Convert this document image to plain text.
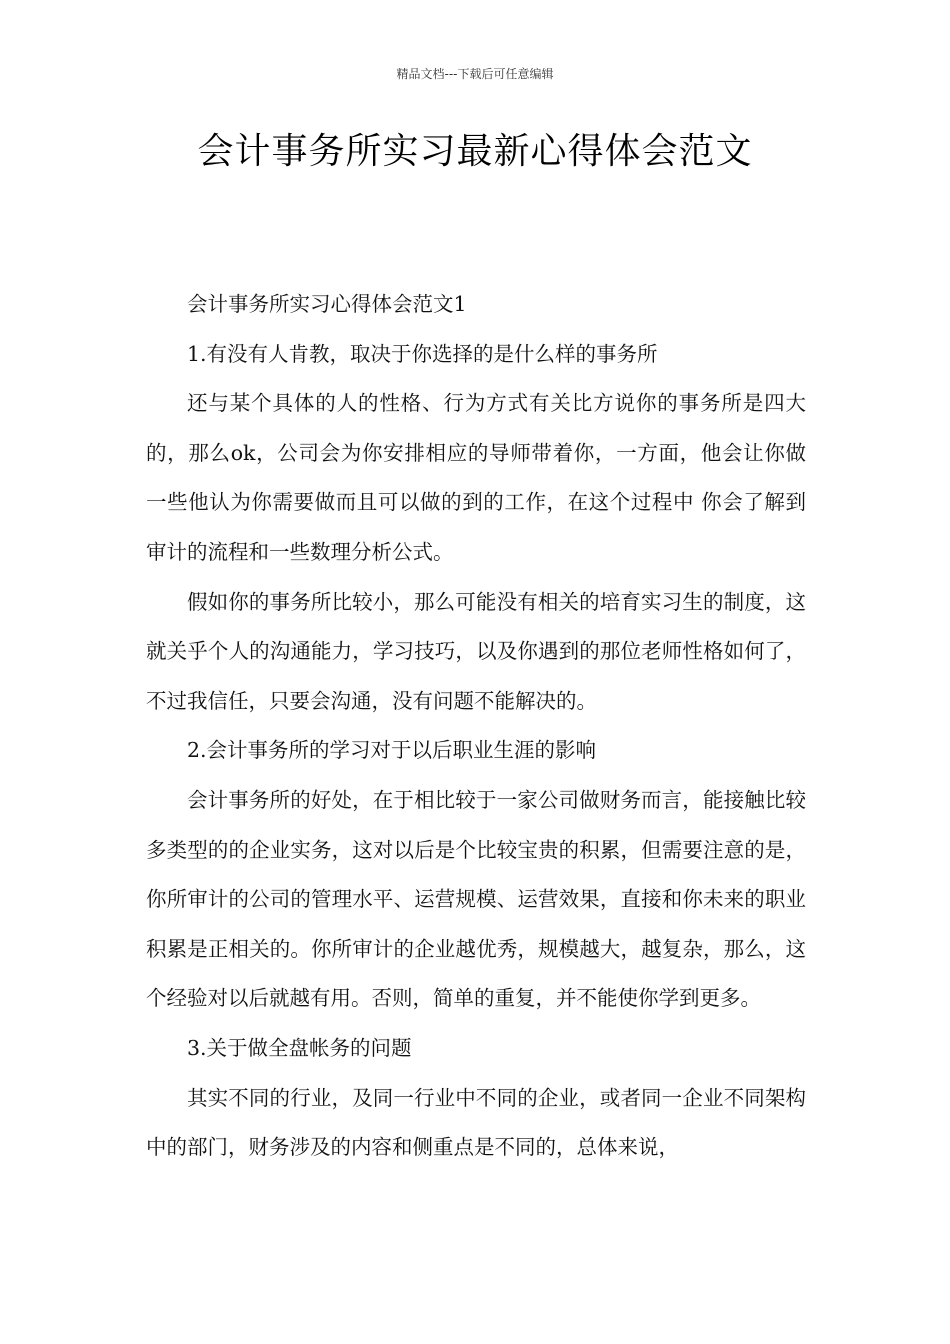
精品文档---下载后可任意编辑
会计事务所实习最新心得体会范文

会计事务所实习心得体会范文1

1.有没有人肯教，取决于你选择的是什么样的事务所

还与某个具体的人的性格、行为方式有关比方说你的事务所是四大的，那么ok，公司会为你安排相应的导师带着你，一方面，他会让你做一些他认为你需要做而且可以做的到的工作，在这个过程中 你会了解到审计的流程和一些数理分析公式。

假如你的事务所比较小，那么可能没有相关的培育实习生的制度，这就关乎个人的沟通能力，学习技巧，以及你遇到的那位老师性格如何了，不过我信任，只要会沟通，没有问题不能解决的。

2.会计事务所的学习对于以后职业生涯的影响

会计事务所的好处，在于相比较于一家公司做财务而言，能接触比较多类型的的企业实务，这对以后是个比较宝贵的积累，但需要注意的是，你所审计的公司的管理水平、运营规模、运营效果，直接和你未来的职业积累是正相关的。你所审计的企业越优秀，规模越大，越复杂，那么，这个经验对以后就越有用。否则，简单的重复，并不能使你学到更多。

3.关于做全盘帐务的问题

其实不同的行业，及同一行业中不同的企业，或者同一企业不同架构中的部门，财务涉及的内容和侧重点是不同的，总体来说，
